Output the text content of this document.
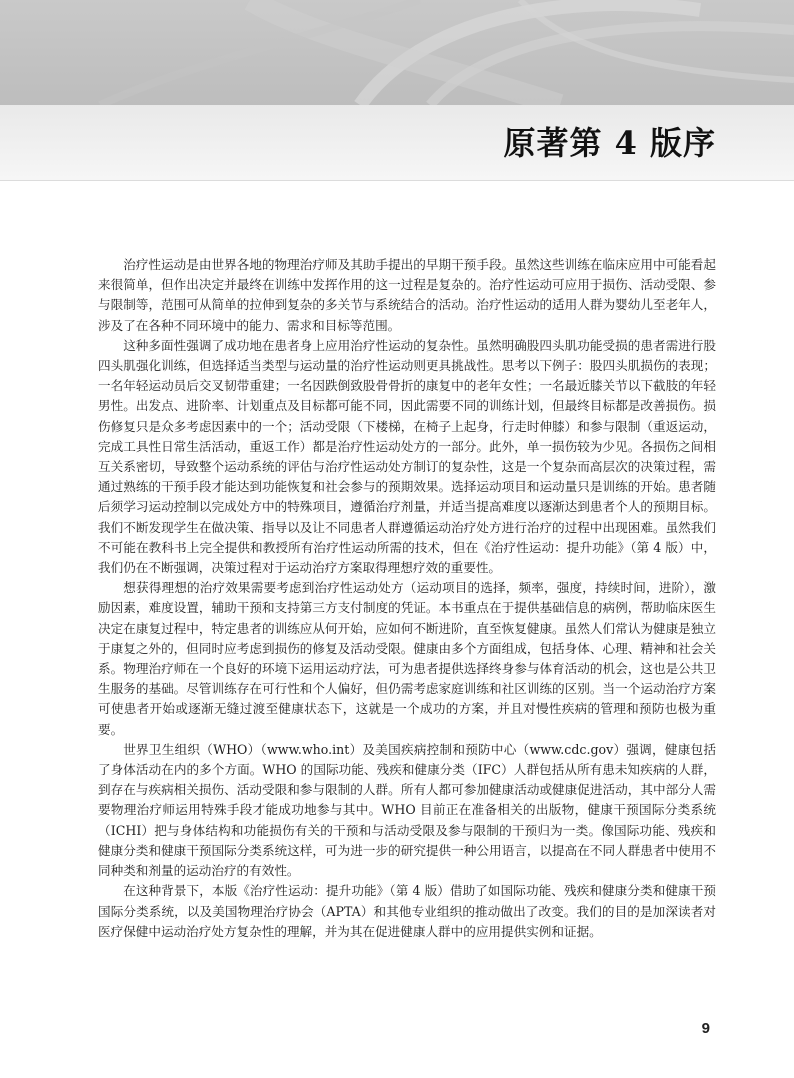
原著第 4 版序

治疗性运动是由世界各地的物理治疗师及其助手提出的早期干预手段。虽然这些训练在临床应用中可能看起来很简单，但作出决定并最终在训练中发挥作用的这一过程是复杂的。治疗性运动可应用于损伤、活动受限、参与限制等，范围可从简单的拉伸到复杂的多关节与系统结合的活动。治疗性运动的适用人群为婴幼儿至老年人，涉及了在各种不同环境中的能力、需求和目标等范围。

这种多面性强调了成功地在患者身上应用治疗性运动的复杂性。虽然明确股四头肌功能受损的患者需进行股四头肌强化训练，但选择适当类型与运动量的治疗性运动则更具挑战性。思考以下例子：股四头肌损伤的表现；一名年轻运动员后交叉韧带重建；一名因跌倒致股骨骨折的康复中的老年女性；一名最近膝关节以下截肢的年轻男性。出发点、进阶率、计划重点及目标都可能不同，因此需要不同的训练计划，但最终目标都是改善损伤。损伤修复只是众多考虑因素中的一个；活动受限（下楼梯，在椅子上起身，行走时伸膝）和参与限制（重返运动，完成工具性日常生活活动，重返工作）都是治疗性运动处方的一部分。此外，单一损伤较为少见。各损伤之间相互关系密切，导致整个运动系统的评估与治疗性运动处方制订的复杂性，这是一个复杂而高层次的决策过程，需通过熟练的干预手段才能达到功能恢复和社会参与的预期效果。选择运动项目和运动量只是训练的开始。患者随后须学习运动控制以完成处方中的特殊项目，遵循治疗剂量，并适当提高难度以逐渐达到患者个人的预期目标。我们不断发现学生在做决策、指导以及让不同患者人群遵循运动治疗处方进行治疗的过程中出现困难。虽然我们不可能在教科书上完全提供和教授所有治疗性运动所需的技术，但在《治疗性运动：提升功能》（第 4 版）中，我们仍在不断强调，决策过程对于运动治疗方案取得理想疗效的重要性。

想获得理想的治疗效果需要考虑到治疗性运动处方（运动项目的选择，频率，强度，持续时间，进阶），激励因素，难度设置，辅助干预和支持第三方支付制度的凭证。本书重点在于提供基础信息的病例，帮助临床医生决定在康复过程中，特定患者的训练应从何开始，应如何不断进阶，直至恢复健康。虽然人们常认为健康是独立于康复之外的，但同时应考虑到损伤的修复及活动受限。健康由多个方面组成，包括身体、心理、精神和社会关系。物理治疗师在一个良好的环境下运用运动疗法，可为患者提供选择终身参与体育活动的机会，这也是公共卫生服务的基础。尽管训练存在可行性和个人偏好，但仍需考虑家庭训练和社区训练的区别。当一个运动治疗方案可使患者开始或逐渐无缝过渡至健康状态下，这就是一个成功的方案，并且对慢性疾病的管理和预防也极为重要。

世界卫生组织（WHO）（www.who.int）及美国疾病控制和预防中心（www.cdc.gov）强调，健康包括了身体活动在内的多个方面。WHO 的国际功能、残疾和健康分类（IFC）人群包括从所有患未知疾病的人群，到存在与疾病相关损伤、活动受限和参与限制的人群。所有人都可参加健康活动或健康促进活动，其中部分人需要物理治疗师运用特殊手段才能成功地参与其中。WHO 目前正在准备相关的出版物，健康干预国际分类系统（ICHI）把与身体结构和功能损伤有关的干预和与活动受限及参与限制的干预归为一类。像国际功能、残疾和健康分类和健康干预国际分类系统这样，可为进一步的研究提供一种公用语言，以提高在不同人群患者中使用不同种类和剂量的运动治疗的有效性。

在这种背景下，本版《治疗性运动：提升功能》（第 4 版）借助了如国际功能、残疾和健康分类和健康干预国际分类系统，以及美国物理治疗协会（APTA）和其他专业组织的推动做出了改变。我们的目的是加深读者对医疗保健中运动治疗处方复杂性的理解，并为其在促进健康人群中的应用提供实例和证据。

9
